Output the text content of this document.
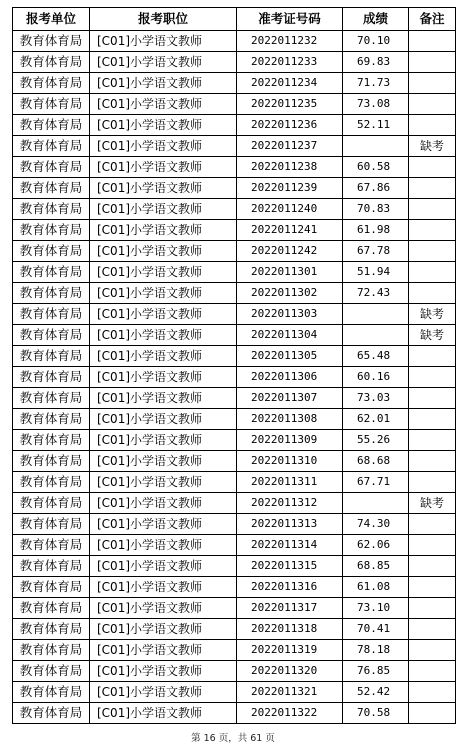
报考单位	报考职位	准考证号码	成绩	备注
教育体育局	[C01]小学语文教师	2022011232	70.10	
教育体育局	[C01]小学语文教师	2022011233	69.83	
教育体育局	[C01]小学语文教师	2022011234	71.73	
教育体育局	[C01]小学语文教师	2022011235	73.08	
教育体育局	[C01]小学语文教师	2022011236	52.11	
教育体育局	[C01]小学语文教师	2022011237		缺考
教育体育局	[C01]小学语文教师	2022011238	60.58	
教育体育局	[C01]小学语文教师	2022011239	67.86	
教育体育局	[C01]小学语文教师	2022011240	70.83	
教育体育局	[C01]小学语文教师	2022011241	61.98	
教育体育局	[C01]小学语文教师	2022011242	67.78	
教育体育局	[C01]小学语文教师	2022011301	51.94	
教育体育局	[C01]小学语文教师	2022011302	72.43	
教育体育局	[C01]小学语文教师	2022011303		缺考
教育体育局	[C01]小学语文教师	2022011304		缺考
教育体育局	[C01]小学语文教师	2022011305	65.48	
教育体育局	[C01]小学语文教师	2022011306	60.16	
教育体育局	[C01]小学语文教师	2022011307	73.03	
教育体育局	[C01]小学语文教师	2022011308	62.01	
教育体育局	[C01]小学语文教师	2022011309	55.26	
教育体育局	[C01]小学语文教师	2022011310	68.68	
教育体育局	[C01]小学语文教师	2022011311	67.71	
教育体育局	[C01]小学语文教师	2022011312		缺考
教育体育局	[C01]小学语文教师	2022011313	74.30	
教育体育局	[C01]小学语文教师	2022011314	62.06	
教育体育局	[C01]小学语文教师	2022011315	68.85	
教育体育局	[C01]小学语文教师	2022011316	61.08	
教育体育局	[C01]小学语文教师	2022011317	73.10	
教育体育局	[C01]小学语文教师	2022011318	70.41	
教育体育局	[C01]小学语文教师	2022011319	78.18	
教育体育局	[C01]小学语文教师	2022011320	76.85	
教育体育局	[C01]小学语文教师	2022011321	52.42	
教育体育局	[C01]小学语文教师	2022011322	70.58	
第 16 页，共 61 页
